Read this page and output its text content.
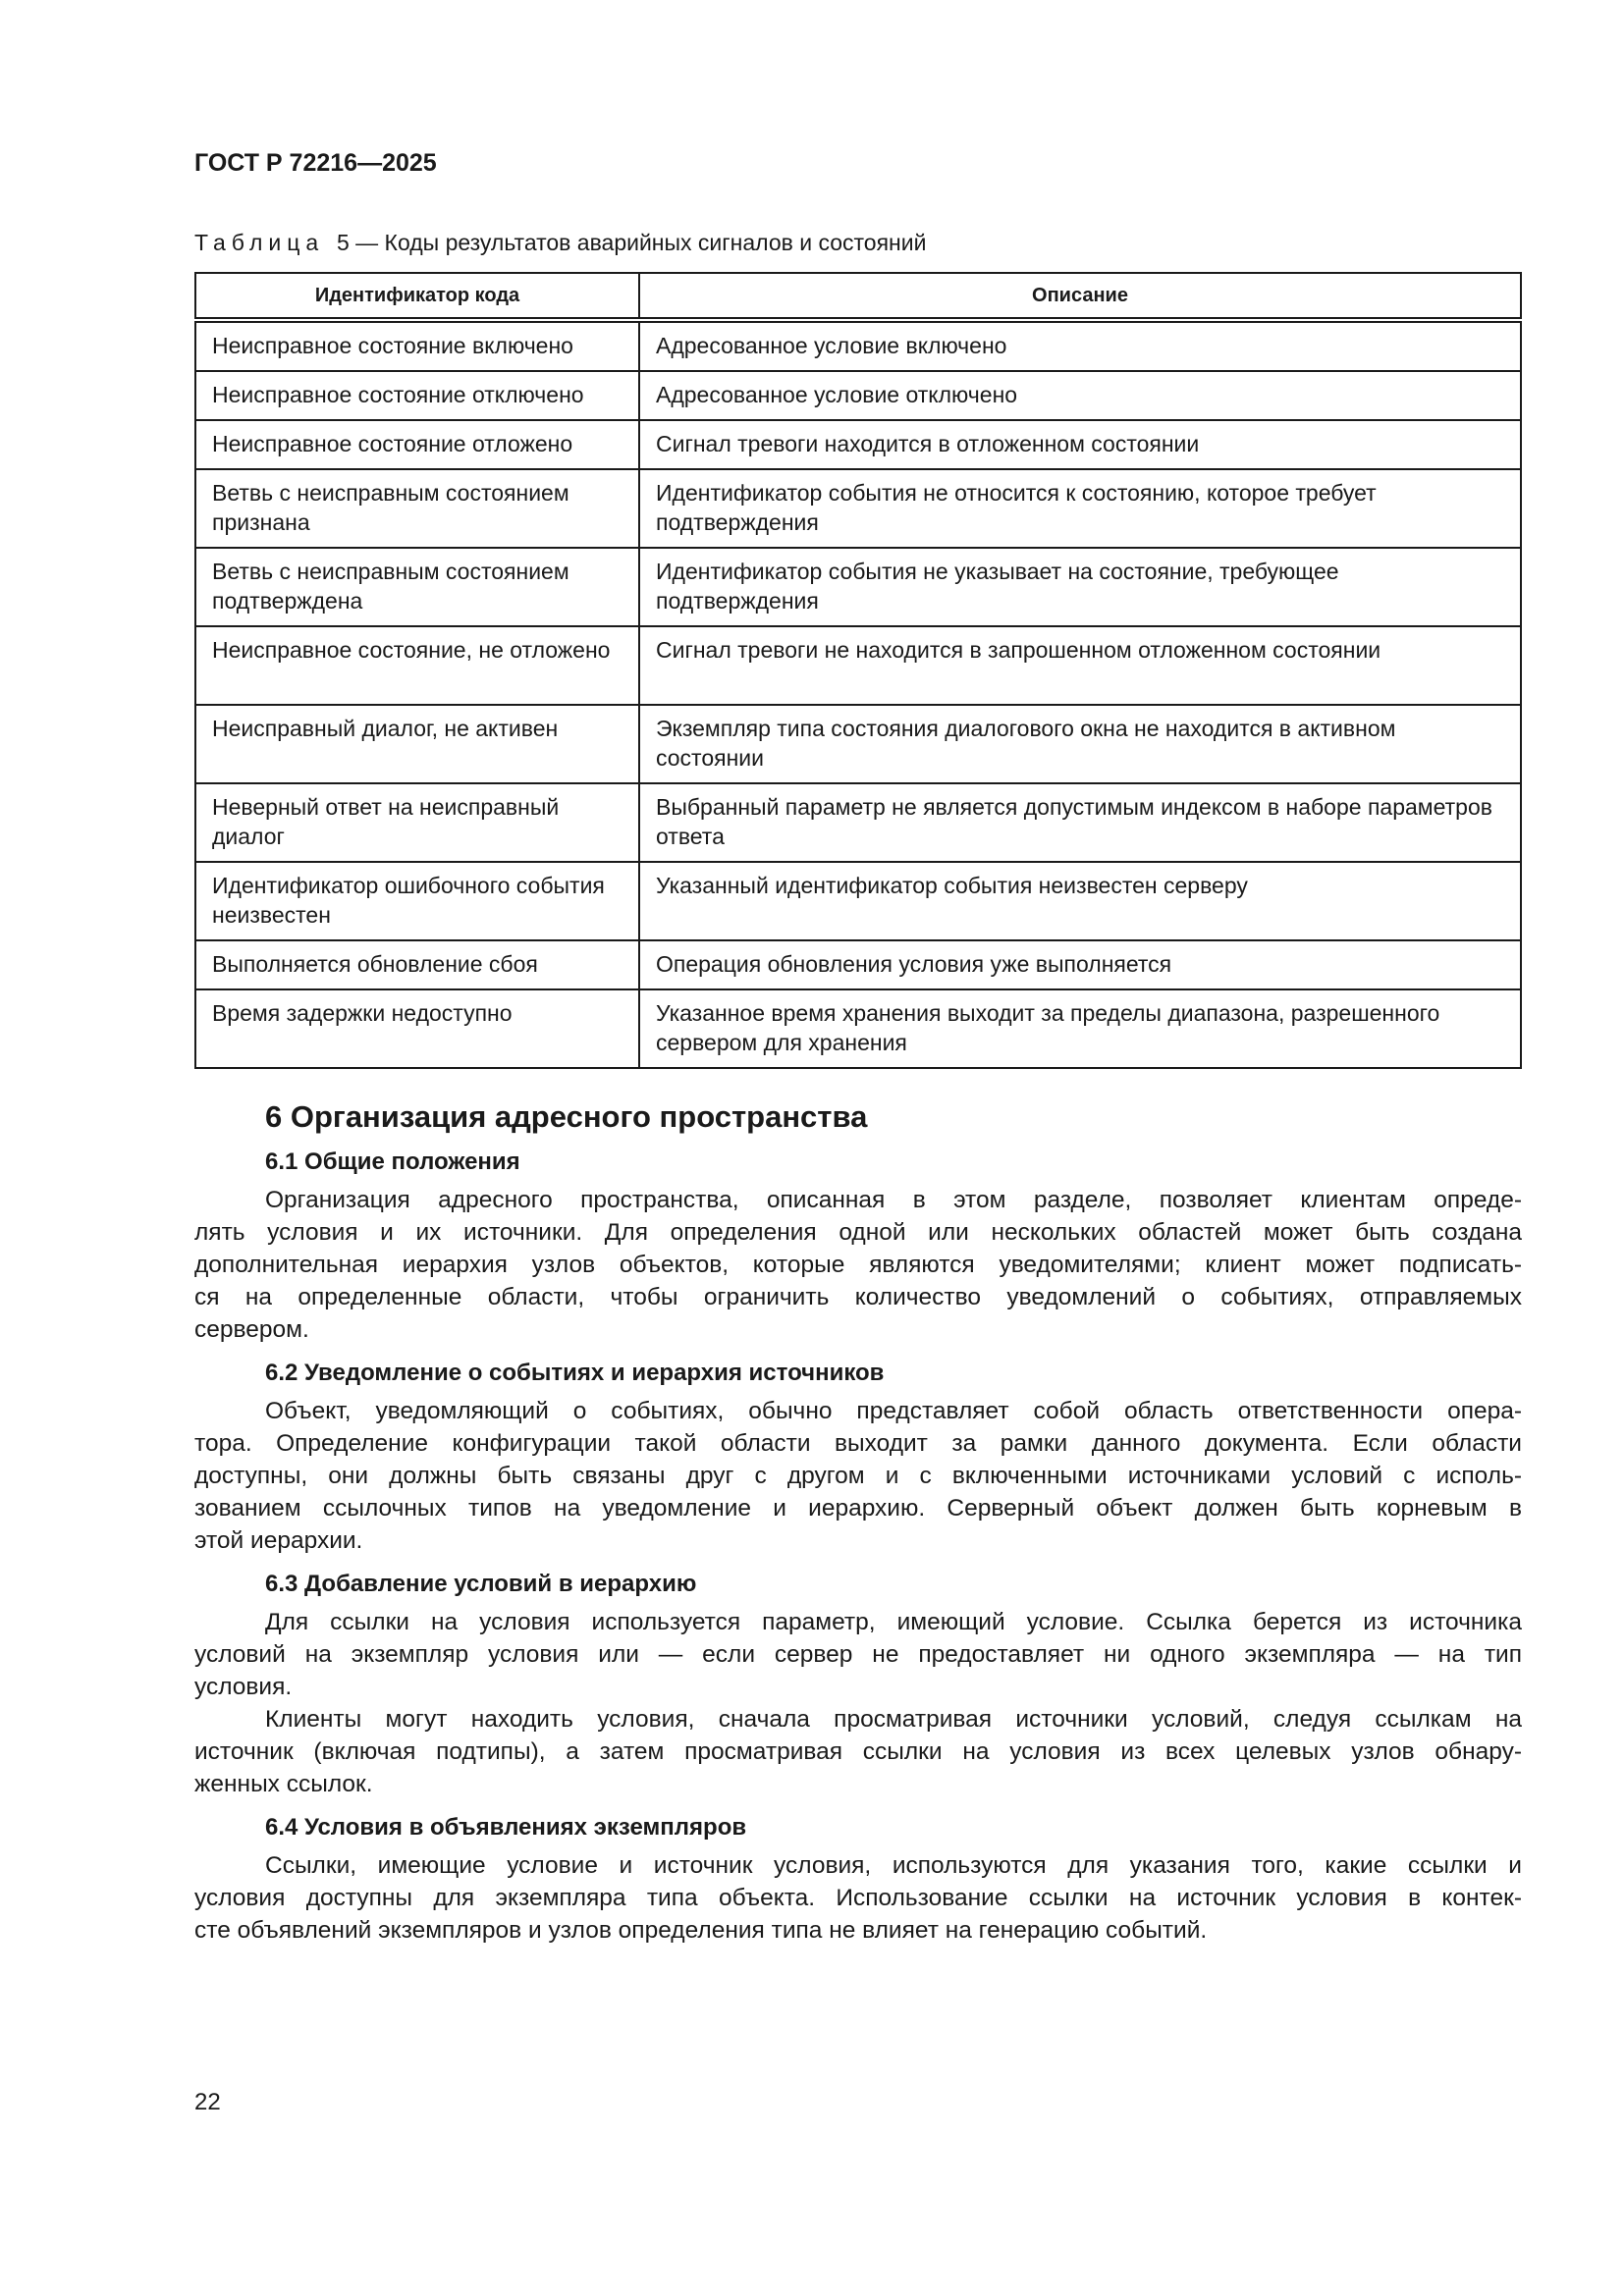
ГОСТ Р 72216—2025
Таблица 5 — Коды результатов аварийных сигналов и состояний
Идентификатор кода	Описание
Неисправное состояние включено	Адресованное условие включено
Неисправное состояние отключено	Адресованное условие отключено
Неисправное состояние отложено	Сигнал тревоги находится в отложенном состоянии
Ветвь с неисправным состоянием признана	Идентификатор события не относится к состоянию, которое требует подтверждения
Ветвь с неисправным состоянием подтверждена	Идентификатор события не указывает на состояние, требующее подтверждения
Неисправное состояние, не отложено	Сигнал тревоги не находится в запрошенном отложенном состоянии
Неисправный диалог, не активен	Экземпляр типа состояния диалогового окна не находится в активном состоянии
Неверный ответ на неисправный диалог	Выбранный параметр не является допустимым индексом в наборе параметров ответа
Идентификатор ошибочного события неизвестен	Указанный идентификатор события неизвестен серверу
Выполняется обновление сбоя	Операция обновления условия уже выполняется
Время задержки недоступно	Указанное время хранения выходит за пределы диапазона, разрешенного сервером для хранения
6 Организация адресного пространства
6.1 Общие положения
Организация адресного пространства, описанная в этом разделе, позволяет клиентам опреде-
лять условия и их источники. Для определения одной или нескольких областей может быть создана
дополнительная иерархия узлов объектов, которые являются уведомителями; клиент может подписать-
ся на определенные области, чтобы ограничить количество уведомлений о событиях, отправляемых
сервером.
6.2 Уведомление о событиях и иерархия источников
Объект, уведомляющий о событиях, обычно представляет собой область ответственности опера-
тора. Определение конфигурации такой области выходит за рамки данного документа. Если области
доступны, они должны быть связаны друг с другом и с включенными источниками условий с исполь-
зованием ссылочных типов на уведомление и иерархию. Серверный объект должен быть корневым в
этой иерархии.
6.3 Добавление условий в иерархию
Для ссылки на условия используется параметр, имеющий условие. Ссылка берется из источника
условий на экземпляр условия или — если сервер не предоставляет ни одного экземпляра — на тип
условия.
Клиенты могут находить условия, сначала просматривая источники условий, следуя ссылкам на
источник (включая подтипы), а затем просматривая ссылки на условия из всех целевых узлов обнару-
женных ссылок.
6.4 Условия в объявлениях экземпляров
Ссылки, имеющие условие и источник условия, используются для указания того, какие ссылки и
условия доступны для экземпляра типа объекта. Использование ссылки на источник условия в контек-
сте объявлений экземпляров и узлов определения типа не влияет на генерацию событий.
22
